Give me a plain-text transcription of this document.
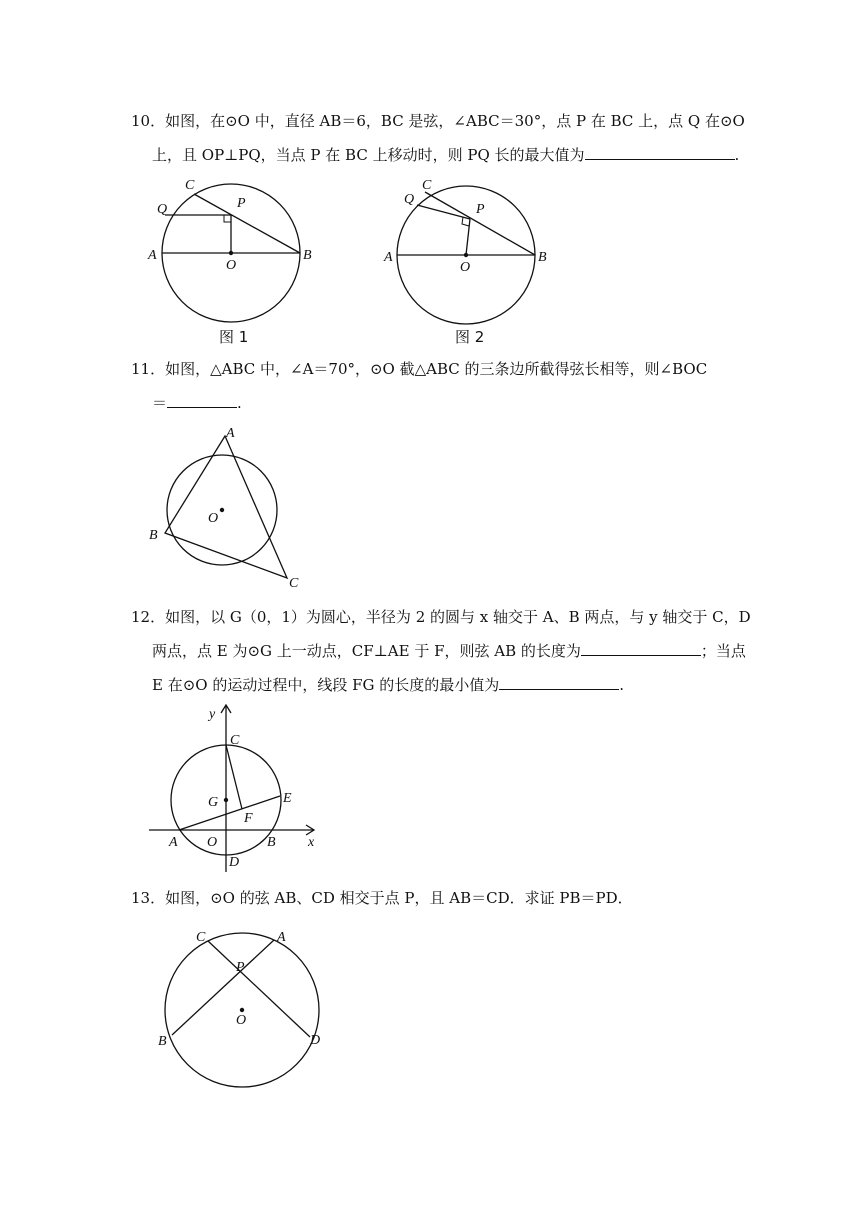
10．如图，在⊙O 中，直径 AB＝6，BC 是弦，∠ABC＝30°，点 P 在 BC 上，点 Q 在⊙O
上，且 OP⊥PQ，当点 P 在 BC 上移动时，则 PQ 长的最大值为	.
C
P
Q
A
O
B
图 1
C
P
Q
A
O
B
图 2
11．如图，△ABC 中，∠A＝70°，⊙O 截△ABC 的三条边所截得弦长相等，则∠BOC
＝	.
A
B
C
O
12．如图，以 G（0，1）为圆心，半径为 2 的圆与 x 轴交于 A、B 两点，与 y 轴交于 C，D
两点，点 E 为⊙G 上一动点，CF⊥AE 于 F，则弦 AB 的长度为	；当点
E 在⊙O 的运动过程中，线段 FG 的长度的最小值为	.
y
x
C
G	E
F
A O	B
D
13．如图，⊙O 的弦 AB、CD 相交于点 P，且 AB＝CD．求证 PB＝PD．
C	A
P
O
B	D
